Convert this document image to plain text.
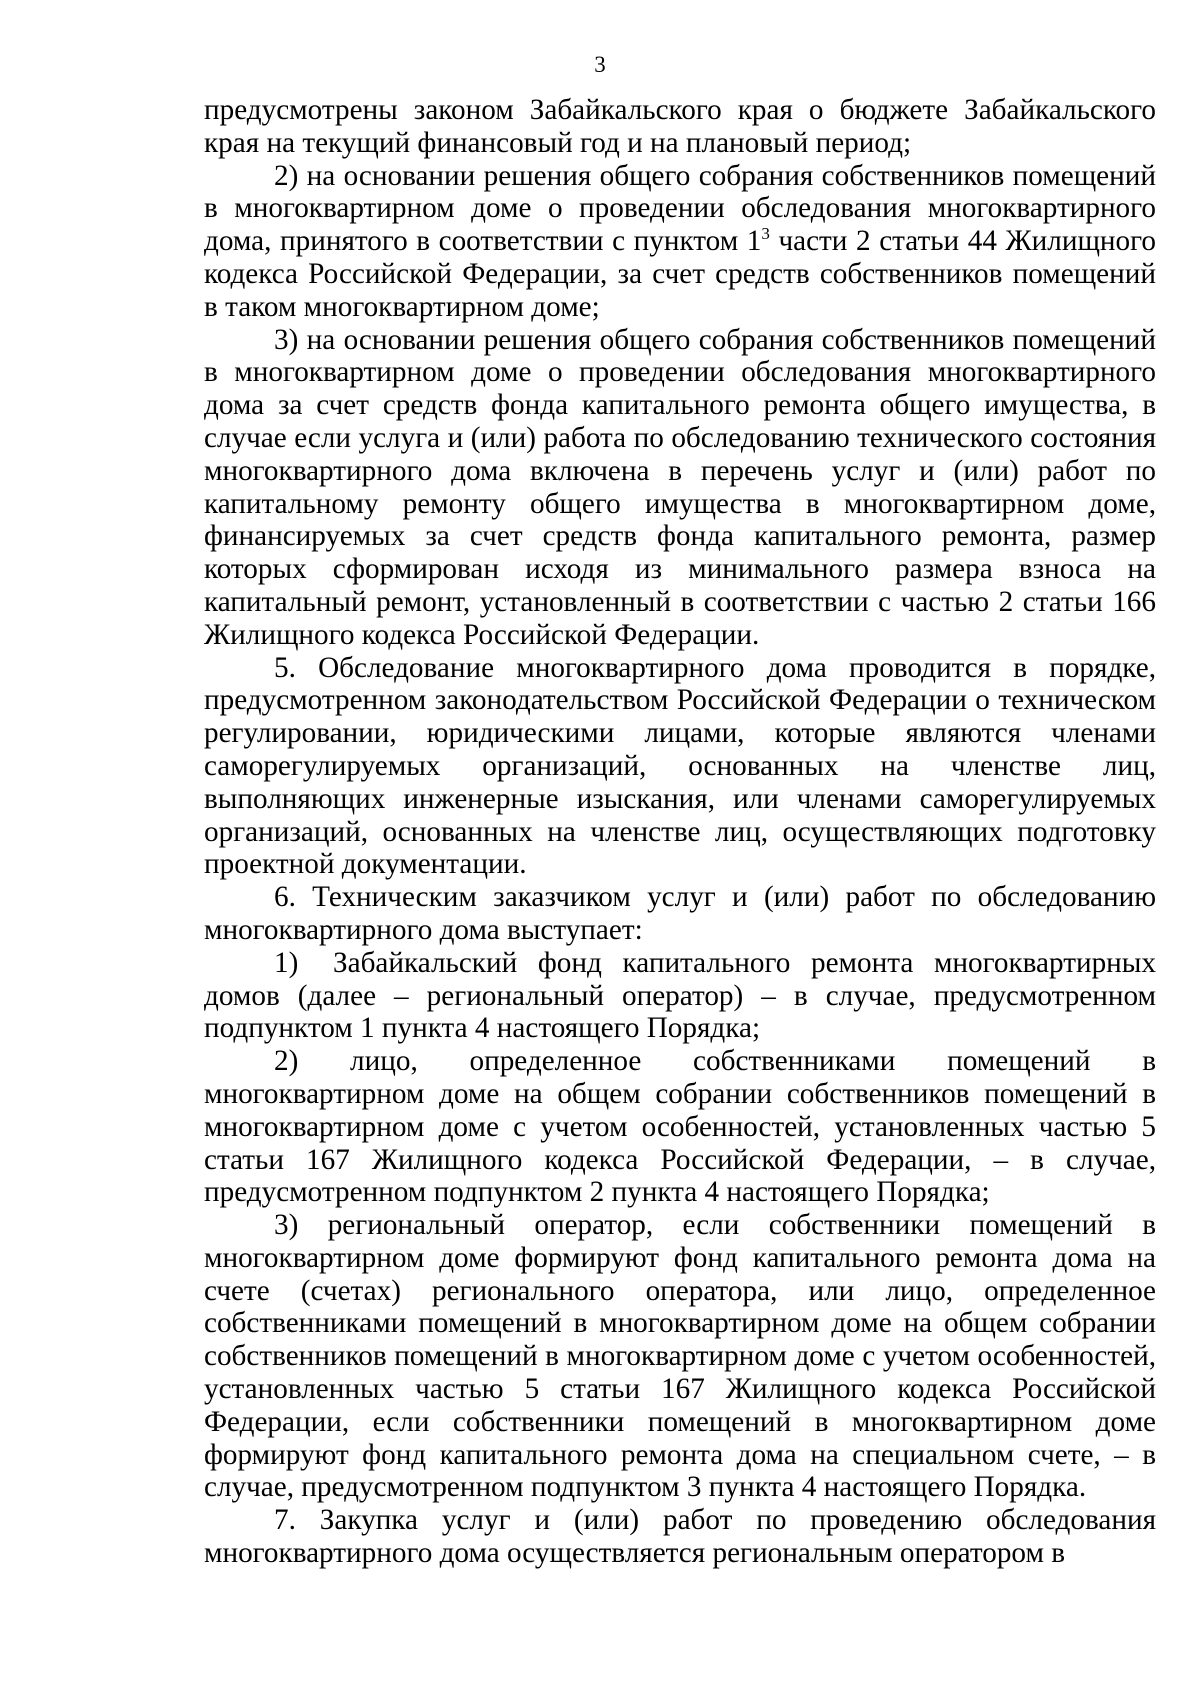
3

предусмотрены законом Забайкальского края о бюджете Забайкальского края на текущий финансовый год и на плановый период;

2) на основании решения общего собрания собственников помещений в многоквартирном доме о проведении обследования многоквартирного дома, принятого в соответствии с пунктом $1^3$ части 2 статьи 44 Жилищного кодекса Российской Федерации, за счет средств собственников помещений в таком многоквартирном доме;

3) на основании решения общего собрания собственников помещений в многоквартирном доме о проведении обследования многоквартирного дома за счет средств фонда капитального ремонта общего имущества, в случае если услуга и (или) работа по обследованию технического состояния многоквартирного дома включена в перечень услуг и (или) работ по капитальному ремонту общего имущества в многоквартирном доме, финансируемых за счет средств фонда капитального ремонта, размер которых сформирован исходя из минимального размера взноса на капитальный ремонт, установленный в соответствии с частью 2 статьи 166 Жилищного кодекса Российской Федерации.

5. Обследование многоквартирного дома проводится в порядке, предусмотренном законодательством Российской Федерации о техническом регулировании, юридическими лицами, которые являются членами саморегулируемых организаций, основанных на членстве лиц, выполняющих инженерные изыскания, или членами саморегулируемых организаций, основанных на членстве лиц, осуществляющих подготовку проектной документации.

6. Техническим заказчиком услуг и (или) работ по обследованию многоквартирного дома выступает:

1) Забайкальский фонд капитального ремонта многоквартирных домов (далее – региональный оператор) – в случае, предусмотренном подпунктом 1 пункта 4 настоящего Порядка;

2) лицо, определенное собственниками помещений в многоквартирном доме на общем собрании собственников помещений в многоквартирном доме с учетом особенностей, установленных частью 5 статьи 167 Жилищного кодекса Российской Федерации, – в случае, предусмотренном подпунктом 2 пункта 4 настоящего Порядка;

3) региональный оператор, если собственники помещений в многоквартирном доме формируют фонд капитального ремонта дома на счете (счетах) регионального оператора, или лицо, определенное собственниками помещений в многоквартирном доме на общем собрании собственников помещений в многоквартирном доме с учетом особенностей, установленных частью 5 статьи 167 Жилищного кодекса Российской Федерации, если собственники помещений в многоквартирном доме формируют фонд капитального ремонта дома на специальном счете, – в случае, предусмотренном подпунктом 3 пункта 4 настоящего Порядка.

7. Закупка услуг и (или) работ по проведению обследования многоквартирного дома осуществляется региональным оператором в
